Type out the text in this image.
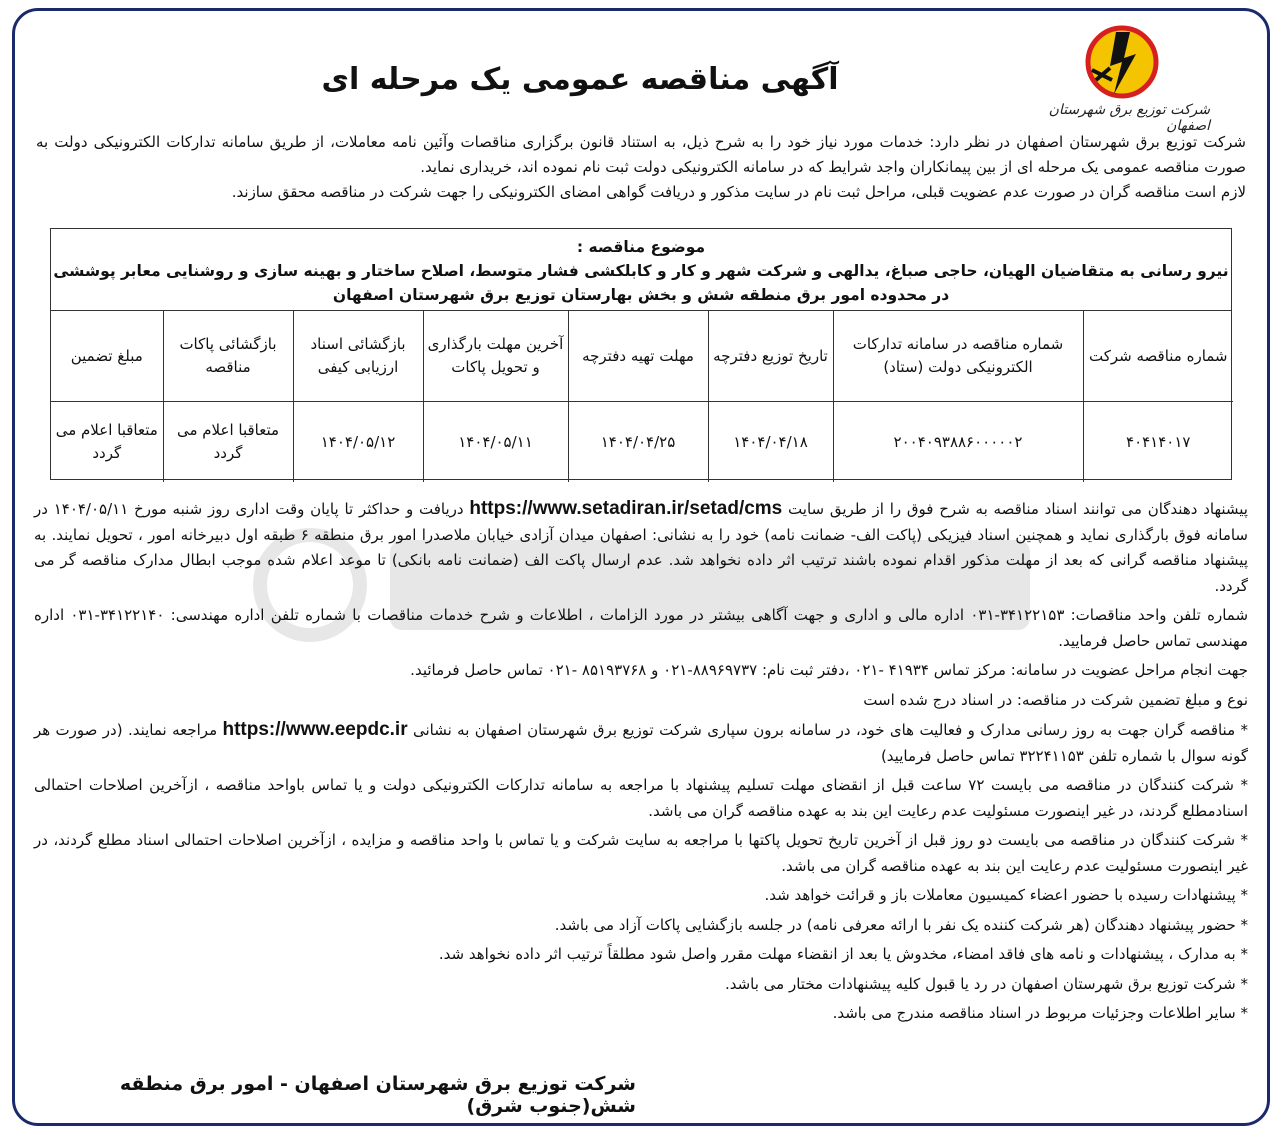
شرکت توزیع برق شهرستان اصفهان
آگهی مناقصه عمومی یک مرحله ای

شرکت توزیع برق شهرستان اصفهان در نظر دارد: خدمات مورد نیاز خود را به شرح ذیل، به استناد قانون برگزاری مناقصات وآئین نامه معاملات، از طریق سامانه تدارکات الکترونیکی دولت به صورت مناقصه عمومی یک مرحله ای از بین پیمانکاران واجد شرایط که در سامانه الکترونیکی دولت ثبت نام نموده اند، خریداری نماید.

لازم است مناقصه گران در صورت عدم عضویت قبلی، مراحل ثبت نام در سایت مذکور و دریافت گواهی امضای الکترونیکی را جهت شرکت در مناقصه محقق سازند.

موضوع مناقصه :
نیرو رسانی به متقاضیان الهیان، حاجی صباغ، یدالهی و شرکت شهر و کار و کابلکشی فشار متوسط، اصلاح ساختار و بهینه سازی و روشنایی معابر پوششی
در محدوده امور برق منطقه شش و بخش بهارستان توزیع برق شهرستان اصفهان
شماره مناقصه شرکت	شماره مناقصه در سامانه تدارکات الکترونیکی دولت (ستاد)	تاریخ توزیع دفترچه	مهلت تهیه دفترچه	آخرین مهلت بارگذاری و تحویل پاکات	بازگشائی اسناد ارزیابی کیفی	بازگشائی پاکات مناقصه	مبلغ تضمین
۴۰۴۱۴۰۱۷	۲۰۰۴۰۹۳۸۸۶۰۰۰۰۰۲	۱۴۰۴/۰۴/۱۸	۱۴۰۴/۰۴/۲۵	۱۴۰۴/۰۵/۱۱	۱۴۰۴/۰۵/۱۲	متعاقبا اعلام می گردد	متعاقبا اعلام می گردد

پیشنهاد دهندگان می توانند اسناد مناقصه به شرح فوق را از طریق سایت https://www.setadiran.ir/setad/cms دریافت و حداکثر تا پایان وقت اداری روز شنبه مورخ ۱۴۰۴/۰۵/۱۱ در سامانه فوق بارگذاری نماید و همچنین اسناد فیزیکی (پاکت الف- ضمانت نامه) خود را به نشانی: اصفهان میدان آزادی خیابان ملاصدرا امور برق منطقه ۶ طبقه اول دبیرخانه امور ، تحویل نمایند. به پیشنهاد مناقصه گرانی که بعد از مهلت مذکور اقدام نموده باشند ترتیب اثر داده نخواهد شد. عدم ارسال پاکت الف (ضمانت نامه بانکی) تا موعد اعلام شده موجب ابطال مدارک مناقصه گر می گردد.

شماره تلفن واحد مناقصات: ۳۴۱۲۲۱۵۳-۰۳۱ اداره مالی و اداری و جهت آگاهی بیشتر در مورد الزامات ، اطلاعات و شرح خدمات مناقصات با شماره تلفن اداره مهندسی: ۳۴۱۲۲۱۴۰-۰۳۱ اداره مهندسی تماس حاصل فرمایید.

جهت انجام مراحل عضویت در سامانه: مرکز تماس ۴۱۹۳۴ -۰۲۱ ،دفتر ثبت نام: ۸۸۹۶۹۷۳۷-۰۲۱ و ۸۵۱۹۳۷۶۸ -۰۲۱ تماس حاصل فرمائید.

نوع و مبلغ تضمین شرکت در مناقصه: در اسناد درج شده است

* مناقصه گران جهت به روز رسانی مدارک و فعالیت های خود، در سامانه برون سپاری شرکت توزیع برق شهرستان اصفهان به نشانی https://www.eepdc.ir مراجعه نمایند. (در صورت هر گونه سوال با شماره تلفن ۳۲۲۴۱۱۵۳ تماس حاصل فرمایید)

* شرکت کنندگان در مناقصه می بایست ۷۲ ساعت قبل از انقضای مهلت تسلیم پیشنهاد با مراجعه به سامانه تدارکات الکترونیکی دولت و یا تماس باواحد مناقصه ، ازآخرین اصلاحات احتمالی اسنادمطلع گردند، در غیر اینصورت مسئولیت عدم رعایت این بند به عهده مناقصه گران می باشد.

* شرکت کنندگان در مناقصه می بایست دو روز قبل از آخرین تاریخ تحویل پاکتها با مراجعه به سایت شرکت و یا تماس با واحد مناقصه و مزایده ، ازآخرین اصلاحات احتمالی اسناد مطلع گردند، در غیر اینصورت مسئولیت عدم رعایت این بند به عهده مناقصه گران می باشد.

* پیشنهادات رسیده با حضور اعضاء کمیسیون معاملات باز و قرائت خواهد شد.

* حضور پیشنهاد دهندگان (هر شرکت کننده یک نفر با ارائه معرفی نامه) در جلسه بازگشایی پاکات آزاد می باشد.

* به مدارک ، پیشنهادات و نامه های فاقد امضاء، مخدوش یا بعد از انقضاء مهلت مقرر واصل شود مطلقاً ترتیب اثر داده نخواهد شد.

* شرکت توزیع برق شهرستان اصفهان در رد یا قبول کلیه پیشنهادات مختار می باشد.

* سایر اطلاعات وجزئیات مربوط در اسناد مناقصه مندرج می باشد.

شرکت توزیع برق شهرستان اصفهان - امور برق منطقه شش(جنوب شرق)
